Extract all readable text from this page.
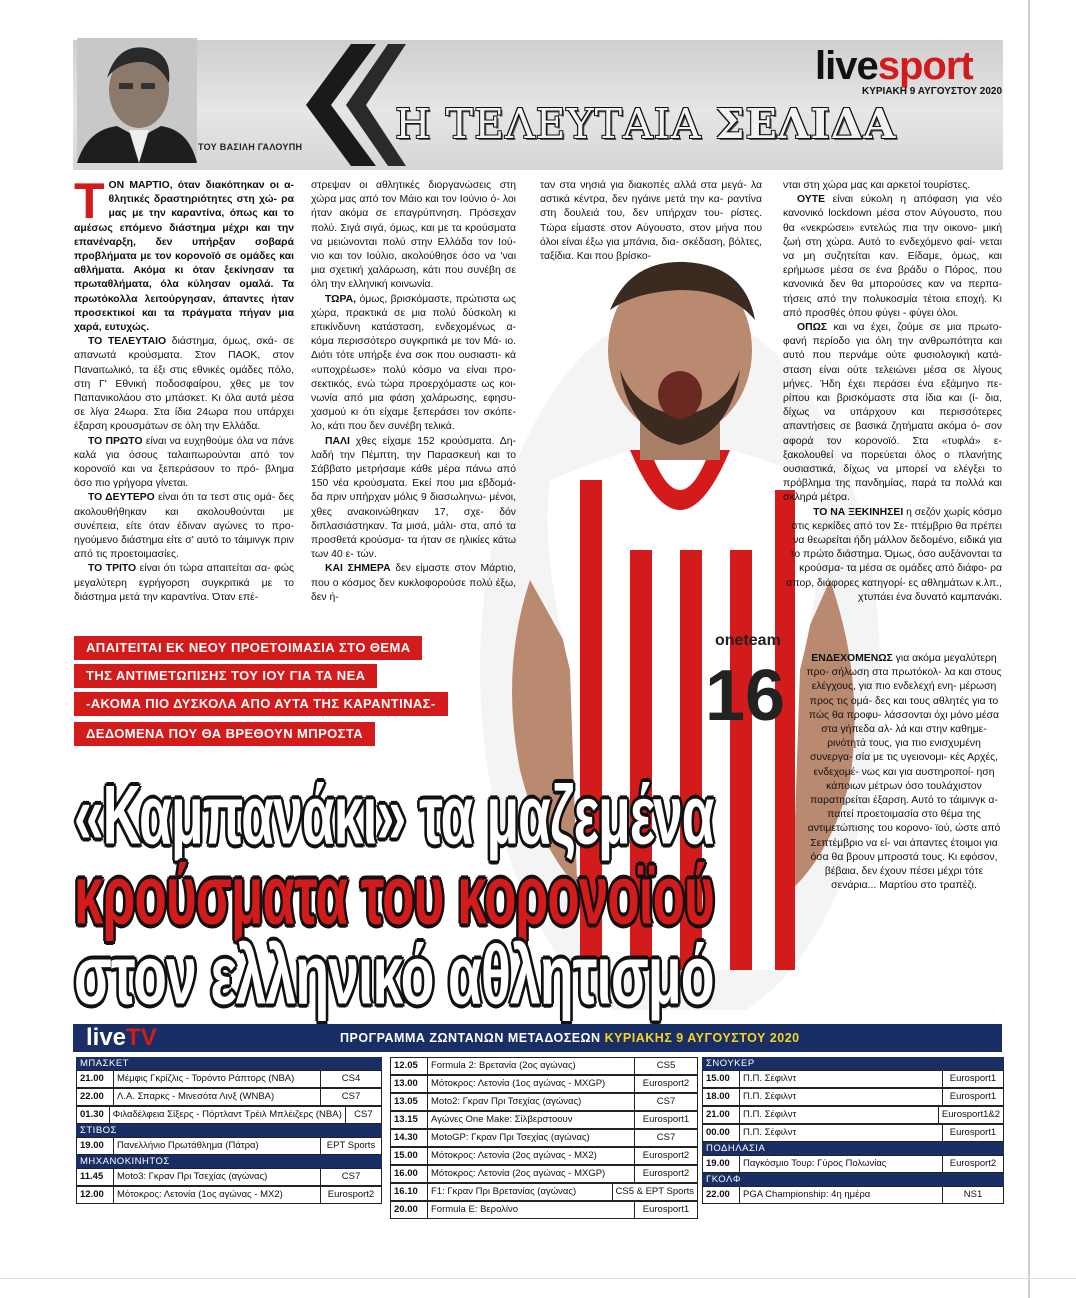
ΤΟΥ ΒΑΣΙΛΗ ΓΑΛΟΥΠΗ
livesport
ΚΥΡΙΑΚΗ 9 ΑΥΓΟΥΣΤΟΥ 2020
Η ΤΕΛΕΥΤΑΙΑ ΣΕΛΙΔΑ
16
oneteam

ΤΟΝ ΜΑΡΤΙΟ, όταν διακόπηκαν οι α- θλητικές δραστηριότητες στη χώ- ρα μας με την καραντίνα, όπως και το αμέσως επόμενο διάστημα μέχρι και την επανέναρξη, δεν υπήρξαν σοβαρά προβλήματα με τον κορονοϊό σε ομάδες και αθλήματα. Ακόμα κι όταν ξεκίνησαν τα πρωταθλήματα, όλα κύλησαν ομαλά. Τα πρωτόκολλα λειτούργησαν, άπαντες ήταν προσεκτικοί και τα πράγματα πήγαν μια χαρά, ευτυχώς.

ΤΟ ΤΕΛΕΥΤΑΙΟ διάστημα, όμως, σκά- σε απανωτά κρούσματα. Στον ΠΑΟΚ, στον Παναιτωλικό, τα έξι στις εθνικές ομάδες πόλο, στη Γ' Εθνική ποδοσφαίρου, χθες με τον Παπανικολάου στο μπάσκετ. Κι όλα αυτά μέσα σε λίγα 24ωρα. Στα ίδια 24ωρα που υπάρχει έξαρση κρουσμάτων σε όλη την Ελλάδα.

ΤΟ ΠΡΩΤΟ είναι να ευχηθούμε όλα να πάνε καλά για όσους ταλαιπωρούνται από τον κορονοϊό και να ξεπεράσουν το πρό- βλημα όσο πιο γρήγορα γίνεται.

ΤΟ ΔΕΥΤΕΡΟ είναι ότι τα τεστ στις ομά- δες ακολουθήθηκαν και ακολουθούνται με συνέπεια, είτε όταν έδιναν αγώνες το προ- ηγούμενο διάστημα είτε σ' αυτό το τάιμινγκ πριν από τις προετοιμασίες.

ΤΟ ΤΡΙΤΟ είναι ότι τώρα απαιτείται σα- φώς μεγαλύτερη εγρήγορση συγκριτικά με το διάστημα μετά την καραντίνα. Όταν επέ-

στρεψαν οι αθλητικές διοργανώσεις στη χώρα μας από τον Μάιο και τον Ιούνιο ό- λοι ήταν ακόμα σε επαγρύπνηση. Πρόσεχαν πολύ. Σιγά σιγά, όμως, και με τα κρούσματα να μειώνονται πολύ στην Ελλάδα τον Ιού- νιο και τον Ιούλιο, ακολούθησε όσο να 'ναι μια σχετική χαλάρωση, κάτι που συνέβη σε όλη την ελληνική κοινωνία.

ΤΩΡΑ, όμως, βρισκόμαστε, πρώτιστα ως χώρα, πρακτικά σε μια πολύ δύσκολη κι επικίνδυνη κατάσταση, ενδεχομένως α- κόμα περισσότερο συγκριτικά με τον Μά- ιο. Διότι τότε υπήρξε ένα σοκ που ουσιαστι- κά «υποχρέωσε» πολύ κόσμο να είναι προ- σεκτικός, ενώ τώρα προερχόμαστε ως κοι- νωνία από μια φάση χαλάρωσης, εφησυ- χασμού κι ότι είχαμε ξεπεράσει τον σκόπε- λο, κάτι που δεν συνέβη τελικά.

ΠΑΛΙ χθες είχαμε 152 κρούσματα. Δη- λαδή την Πέμπτη, την Παρασκευή και το Σάββατο μετρήσαμε κάθε μέρα πάνω από 150 νέα κρούσματα. Εκεί που μια εβδομά- δα πριν υπήρχαν μόλις 9 διασωληνω- μένοι, χθες ανακοινώθηκαν 17, σχε- δόν διπλασιάστηκαν. Τα μισά, μάλι- στα, από τα προσθετά κρούσμα- τα ήταν σε ηλικίες κάτω των 40 ε- τών.

ΚΑΙ ΣΗΜΕΡΑ δεν είμαστε στον Μάρτιο, που ο κόσμος δεν κυκλοφορούσε πολύ έξω, δεν ή-

ταν στα νησιά για διακοπές αλλά στα μεγά- λα αστικά κέντρα, δεν ηγάινε μετά την κα- ραντίνα στη δουλειά του, δεν υπήρχαν του- ρίστες. Τώρα είμαστε στον Αύγουστο, στον μήνα που όλοι είναι έξω για μπάνια, δια- σκέδαση, βόλτες, ταξίδια. Και που βρίσκο-

νται στη χώρα μας και αρκετοί τουρίστες.

ΟΥΤΕ είναι εύκολη η απόφαση για νέο κανονικό lockdown μέσα στον Αύγουστο, που θα «νεκρώσει» εντελώς πια την οικονο- μική ζωή στη χώρα. Αυτό το ενδεχόμενο φαί- νεται να μη συζητείται καν. Είδαμε, όμως, και ερήμωσε μέσα σε ένα βράδυ ο Πόρος, που κανονικά δεν θα μπορούσες καν να περπα- τήσεις από την πολυκοσμία τέτοια εποχή. Κι από προσθές όπου φύγει - φύγει όλοι.

ΟΠΩΣ και να έχει, ζούμε σε μια πρωτο- φανή περίοδο για όλη την ανθρωπότητα και αυτό που περνάμε ούτε φυσιολογική κατά- σταση είναι ούτε τελειώνει μέσα σε λίγους μήνες. Ήδη έχει περάσει ένα εξάμηνο πε- ρίπου και βρισκόμαστε στα ίδια και (ί- δια, δίχως να υπάρχουν και περισσότερες απαντήσεις σε βασικά ζητήματα ακόμα ό- σον αφορά τον κορονοϊό. Στα «τυφλά» ε- ξακολουθεί να πορεύεται όλος ο πλανήτης ουσιαστικά, δίχως να μπορεί να ελέγξει το πρόβλημα της πανδημίας, παρά τα πολλά και σκληρά μέτρα.

ΤΟ ΝΑ ΞΕΚΙΝΗΣΕΙ η σεζόν χωρίς κόσμο στις κερκίδες από τον Σε- πτέμβριο θα πρέπει να θεωρείται ήδη μάλλον δεδομένο, ειδικά για το πρώτο διάστημα. Όμως, όσο αυξάνονται τα κρούσμα- τα μέσα σε ομάδες από διάφο- ρα σπορ, διάφορες κατηγορί- ες αθλημάτων κ.λπ., χτυπάει ένα δυνατό καμπανάκι.

ΕΝΔΕΧΟΜΕΝΩΣ για ακόμα μεγαλύτερη προ- σήλωση στα πρωτόκολ- λα και στους ελέγχους, για πιο ενδελεχή ενη- μέρωση προς τις ομά- δες και τους αθλητές για το πώς θα προφυ- λάσσονται όχι μόνο μέσα στα γήπεδα αλ- λά και στην καθημε- ρινότητά τους, για πιο ενισχυμένη συνεργα- σία με τις υγειονομι- κές Αρχές, ενδεχομέ- νως και για αυστηροποί- ηση κάποιων μέτρων όσο τουλάχιστον παρατηρείται έξαρση. Αυτό το τάιμινγκ α- παιτεί προετοιμασία στο θέμα της αντιμετώπισης του κορονο- ϊού, ώστε από Σεπτέμβριο να εί- ναι άπαντες έτοιμοι για όσα θα βρουν μπροστά τους. Κι εφόσον, βέβαια, δεν έχουν πέσει μέχρι τότε σενάρια... Μαρτίου στο τραπέζι.

ΑΠΑΙΤΕΙΤΑΙ ΕΚ ΝΕΟΥ ΠΡΟΕΤΟΙΜΑΣΙΑ ΣΤΟ ΘΕΜΑ
ΤΗΣ ΑΝΤΙΜΕΤΩΠΙΣΗΣ ΤΟΥ ΙΟΥ ΓΙΑ ΤΑ ΝΕΑ
-ΑΚΟΜΑ ΠΙΟ ΔΥΣΚΟΛΑ ΑΠΟ ΑΥΤΑ ΤΗΣ ΚΑΡΑΝΤΙΝΑΣ-
ΔΕΔΟΜΕΝΑ ΠΟΥ ΘΑ ΒΡΕΘΟΥΝ ΜΠΡΟΣΤΑ
«Καμπανάκι» τα μαζεμένα
κρούσματα του κορονοϊού
στον ελληνικό αθλητισμό
liveTV	ΠΡΟΓΡΑΜΜΑ ΖΩΝΤΑΝΩΝ ΜΕΤΑΔΟΣΕΩΝ ΚΥΡΙΑΚΗΣ 9 ΑΥΓΟΥΣΤΟΥ 2020
ΜΠΑΣΚΕΤ
21.00	Μέμφις Γκρίζλις - Τορόντο Ράπτορς (NBA)	CS4
22.00	Λ.Α. Σπαρκς - Μινεσότα Λινξ (WNBA)	CS7
01.30	Φιλαδέλφεια Σίξερς - Πόρτλαντ Τρέιλ Μπλέιζερς (NBA)	CS7
ΣΤΙΒΟΣ
19.00	Πανελλήνιο Πρωτάθλημα (Πάτρα)	EPT Sports
ΜΗΧΑΝΟΚΙΝΗΤΟΣ
11.45	Moto3: Γκραν Πρι Τσεχίας (αγώνας)	CS7
12.00	Μότοκρος: Λετονία (1ος αγώνας - MX2)	Eurosport2
12.05	Formula 2: Βρετανία (2ος αγώνας)	CS5
13.00	Μότοκρος: Λετονία (1ος αγώνας - MXGP)	Eurosport2
13.05	Moto2: Γκραν Πρι Τσεχίας (αγώνας)	CS7
13.15	Αγώνες One Make: Σίλβερστοουν	Eurosport1
14.30	MotoGP: Γκραν Πρι Τσεχίας (αγώνας)	CS7
15.00	Μότοκρος: Λετονία (2ος αγώνας - MX2)	Eurosport2
16.00	Μότοκρος: Λετονία (2ος αγώνας - MXGP)	Eurosport2
16.10	F1: Γκραν Πρι Βρετανίας (αγώνας)	CS5 & EPT Sports
20.00	Formula E: Βερολίνο	Eurosport1
ΣΝΟΥΚΕΡ
15.00	Π.Π. Σέφιλντ	Eurosport1
18.00	Π.Π. Σέφιλντ	Eurosport1
21.00	Π.Π. Σέφιλντ	Eurosport1&2
00.00	Π.Π. Σέφιλντ	Eurosport1
ΠΟΔΗΛΑΣΙΑ
19.00	Παγκόσμιο Τουρ: Γύρος Πολωνίας	Eurosport2
ΓΚΟΛΦ
22.00	PGA Championship: 4η ημέρα	NS1
